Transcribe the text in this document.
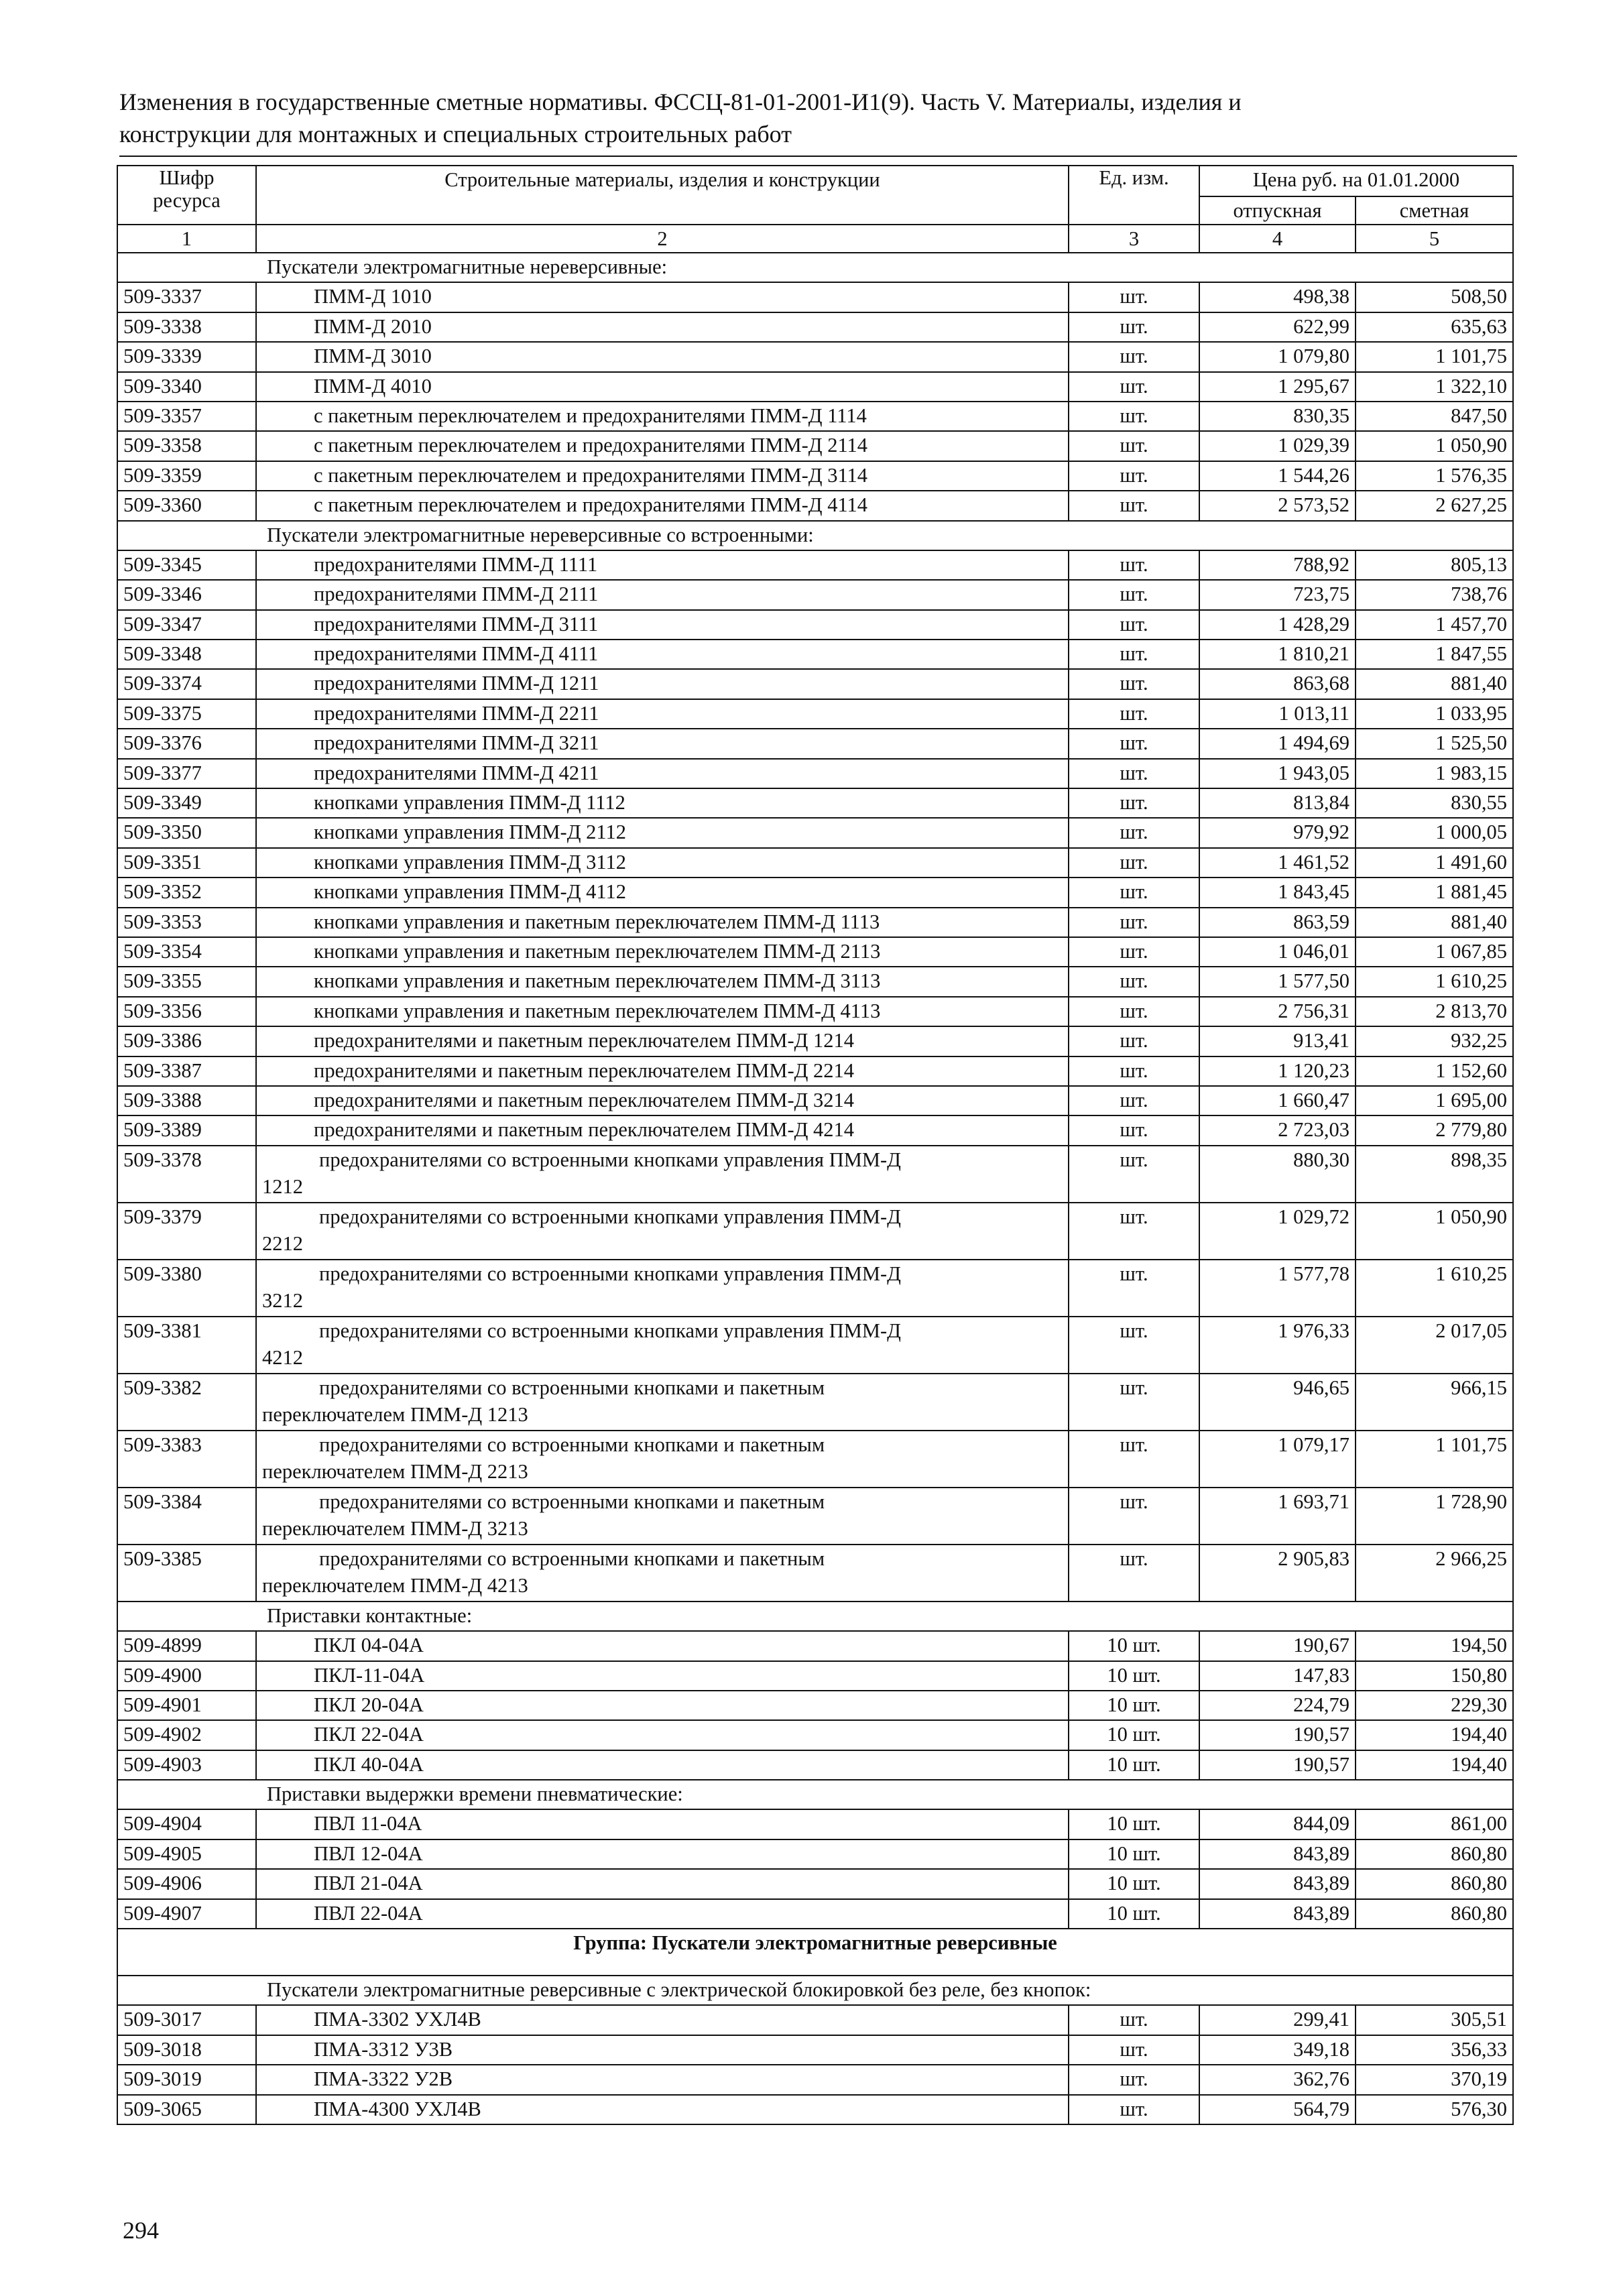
Изменения в государственные сметные нормативы. ФССЦ-81-01-2001-И1(9). Часть V. Материалы, изделия и
конструкции для монтажных и специальных строительных работ
Шифр ресурса	Строительные материалы, изделия и конструкции	Ед. изм.	Цена руб. на 01.01.2000	
			отпускная	сметная
1	2	3	4	5
Пускатели электромагнитные нереверсивные:				
509-3337	ПММ-Д 1010	шт.	498,38	508,50
509-3338	ПММ-Д 2010	шт.	622,99	635,63
509-3339	ПММ-Д 3010	шт.	1 079,80	1 101,75
509-3340	ПММ-Д 4010	шт.	1 295,67	1 322,10
509-3357	с пакетным переключателем и предохранителями ПММ-Д 1114	шт.	830,35	847,50
509-3358	с пакетным переключателем и предохранителями ПММ-Д 2114	шт.	1 029,39	1 050,90
509-3359	с пакетным переключателем и предохранителями ПММ-Д 3114	шт.	1 544,26	1 576,35
509-3360	с пакетным переключателем и предохранителями ПММ-Д 4114	шт.	2 573,52	2 627,25
Пускатели электромагнитные нереверсивные со встроенными:				
509-3345	предохранителями ПММ-Д 1111	шт.	788,92	805,13
509-3346	предохранителями ПММ-Д 2111	шт.	723,75	738,76
509-3347	предохранителями ПММ-Д 3111	шт.	1 428,29	1 457,70
509-3348	предохранителями ПММ-Д 4111	шт.	1 810,21	1 847,55
509-3374	предохранителями ПММ-Д 1211	шт.	863,68	881,40
509-3375	предохранителями ПММ-Д 2211	шт.	1 013,11	1 033,95
509-3376	предохранителями ПММ-Д 3211	шт.	1 494,69	1 525,50
509-3377	предохранителями ПММ-Д 4211	шт.	1 943,05	1 983,15
509-3349	кнопками управления ПММ-Д 1112	шт.	813,84	830,55
509-3350	кнопками управления ПММ-Д 2112	шт.	979,92	1 000,05
509-3351	кнопками управления ПММ-Д 3112	шт.	1 461,52	1 491,60
509-3352	кнопками управления ПММ-Д 4112	шт.	1 843,45	1 881,45
509-3353	кнопками управления и пакетным переключателем ПММ-Д 1113	шт.	863,59	881,40
509-3354	кнопками управления и пакетным переключателем ПММ-Д 2113	шт.	1 046,01	1 067,85
509-3355	кнопками управления и пакетным переключателем ПММ-Д 3113	шт.	1 577,50	1 610,25
509-3356	кнопками управления и пакетным переключателем ПММ-Д 4113	шт.	2 756,31	2 813,70
509-3386	предохранителями и пакетным переключателем ПММ-Д 1214	шт.	913,41	932,25
509-3387	предохранителями и пакетным переключателем ПММ-Д 2214	шт.	1 120,23	1 152,60
509-3388	предохранителями и пакетным переключателем ПММ-Д 3214	шт.	1 660,47	1 695,00
509-3389	предохранителями и пакетным переключателем ПММ-Д 4214	шт.	2 723,03	2 779,80
509-3378	предохранителями со встроенными кнопками управления ПММ-Д
1212	шт.	880,30	898,35
509-3379	предохранителями со встроенными кнопками управления ПММ-Д
2212	шт.	1 029,72	1 050,90
509-3380	предохранителями со встроенными кнопками управления ПММ-Д
3212	шт.	1 577,78	1 610,25
509-3381	предохранителями со встроенными кнопками управления ПММ-Д
4212	шт.	1 976,33	2 017,05
509-3382	предохранителями со встроенными кнопками и пакетным
переключателем ПММ-Д 1213	шт.	946,65	966,15
509-3383	предохранителями со встроенными кнопками и пакетным
переключателем ПММ-Д 2213	шт.	1 079,17	1 101,75
509-3384	предохранителями со встроенными кнопками и пакетным
переключателем ПММ-Д 3213	шт.	1 693,71	1 728,90
509-3385	предохранителями со встроенными кнопками и пакетным
переключателем ПММ-Д 4213	шт.	2 905,83	2 966,25
Приставки контактные:				
509-4899	ПКЛ 04-04А	10 шт.	190,67	194,50
509-4900	ПКЛ-11-04А	10 шт.	147,83	150,80
509-4901	ПКЛ 20-04А	10 шт.	224,79	229,30
509-4902	ПКЛ 22-04А	10 шт.	190,57	194,40
509-4903	ПКЛ 40-04А	10 шт.	190,57	194,40
Приставки выдержки времени пневматические:				
509-4904	ПВЛ 11-04А	10 шт.	844,09	861,00
509-4905	ПВЛ 12-04А	10 шт.	843,89	860,80
509-4906	ПВЛ 21-04А	10 шт.	843,89	860,80
509-4907	ПВЛ 22-04А	10 шт.	843,89	860,80
Группа: Пускатели электромагнитные реверсивные				
Пускатели электромагнитные реверсивные с электрической блокировкой без реле, без кнопок:				
509-3017	ПМА-3302 УХЛ4В	шт.	299,41	305,51
509-3018	ПМА-3312 У3В	шт.	349,18	356,33
509-3019	ПМА-3322 У2В	шт.	362,76	370,19
509-3065	ПМА-4300 УХЛ4В	шт.	564,79	576,30
294
